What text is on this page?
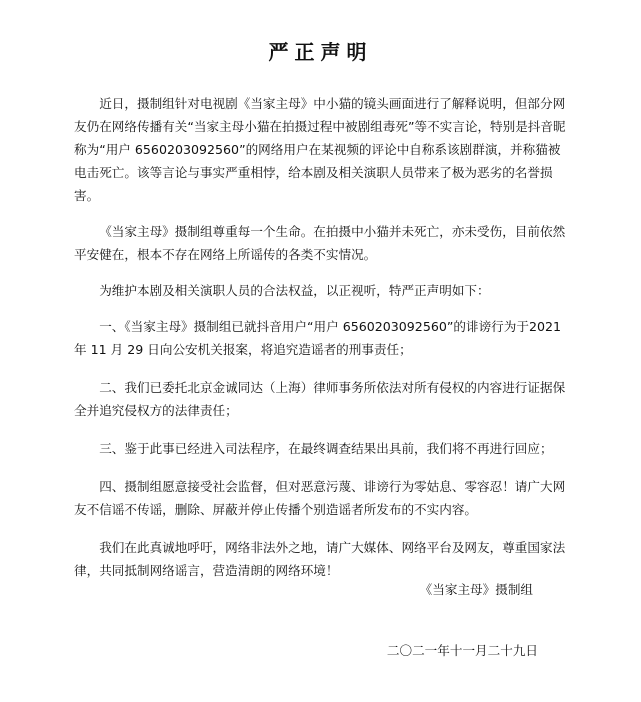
严正声明

近日，摄制组针对电视剧《当家主母》中小猫的镜头画面进行了解释说明，但部分网友仍在网络传播有关“当家主母小猫在拍摄过程中被剧组毒死”等不实言论，特别是抖音昵称为“用户 6560203092560”的网络用户在某视频的评论中自称系该剧群演，并称猫被电击死亡。该等言论与事实严重相悖，给本剧及相关演职人员带来了极为恶劣的名誉损害。

《当家主母》摄制组尊重每一个生命。在拍摄中小猫并未死亡，亦未受伤，目前依然平安健在，根本不存在网络上所谣传的各类不实情况。

为维护本剧及相关演职人员的合法权益，以正视听，特严正声明如下：

一、《当家主母》摄制组已就抖音用户“用户 6560203092560”的诽谤行为于2021 年 11 月 29 日向公安机关报案，将追究造谣者的刑事责任；

二、我们已委托北京金诚同达（上海）律师事务所依法对所有侵权的内容进行证据保全并追究侵权方的法律责任；

三、鉴于此事已经进入司法程序，在最终调查结果出具前，我们将不再进行回应；

四、摄制组愿意接受社会监督，但对恶意污蔑、诽谤行为零姑息、零容忍！请广大网友不信谣不传谣，删除、屏蔽并停止传播个别造谣者所发布的不实内容。

我们在此真诚地呼吁，网络非法外之地，请广大媒体、网络平台及网友，尊重国家法律，共同抵制网络谣言，营造清朗的网络环境！

《当家主母》摄制组
二〇二一年十一月二十九日
